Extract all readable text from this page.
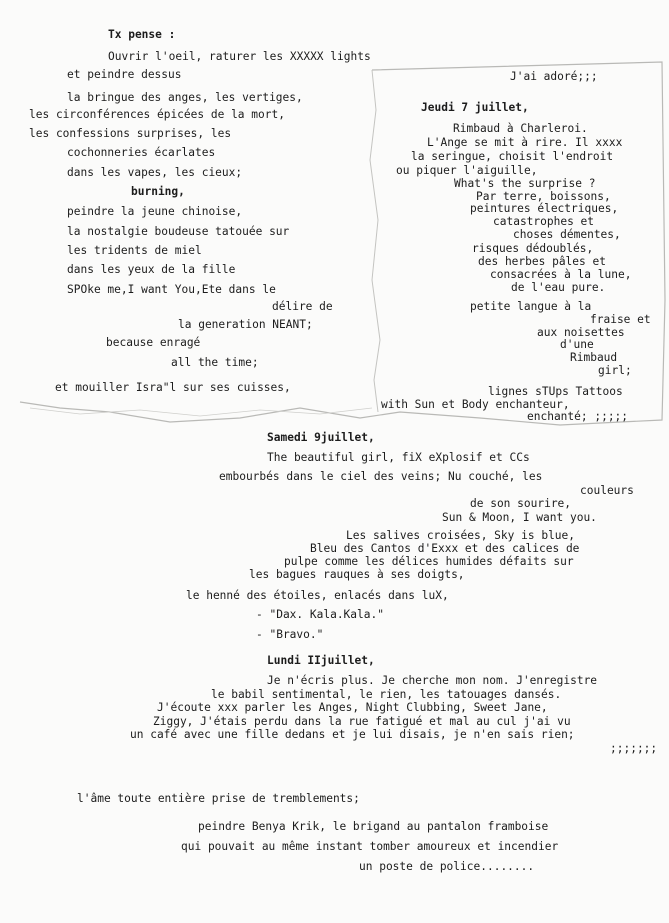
Tx pense :
Ouvrir l'oeil, raturer les XXXXX lights
et peindre dessus
la bringue des anges, les vertiges,
les circonférences épicées de la mort,
les confessions surprises, les
cochonneries écarlates
dans les vapes, les cieux;
burning,
peindre la jeune chinoise,
la nostalgie boudeuse tatouée sur
les tridents de miel
dans les yeux de la fille
SPOke me,I want You,Ete dans le
délire de
la generation NEANT;
because enragé
all the time;
et mouiller Isra"l sur ses cuisses,
J'ai adoré;;;
Jeudi 7 juillet,
Rimbaud à Charleroi.
L'Ange se mit à rire. Il xxxx
la seringue, choisit l'endroit
ou piquer l'aiguille,
What's the surprise ?
Par terre, boissons,
peintures électriques,
catastrophes et
choses démentes,
risques dédoublés,
des herbes pâles et
consacrées à la lune,
de l'eau pure.
petite langue à la
fraise et
aux noisettes
d'une
Rimbaud
girl;
lignes sTUps Tattoos
with Sun et Body enchanteur,
enchanté; ;;;;;
Samedi 9juillet,
The beautiful girl, fiX eXplosif et CCs
embourbés dans le ciel des veins; Nu couché, les
couleurs
de son sourire,
Sun & Moon, I want you.
Les salives croisées, Sky is blue,
Bleu des Cantos d'Exxx et des calices de
pulpe comme les délices humides défaits sur
les bagues rauques à ses doigts,
le henné des étoiles, enlacés dans luX,
- "Dax. Kala.Kala."
- "Bravo."
Lundi IIjuillet,
Je n'écris plus. Je cherche mon nom. J'enregistre
le babil sentimental, le rien, les tatouages dansés.
J'écoute xxx parler les Anges, Night Clubbing, Sweet Jane,
Ziggy, J'étais perdu dans la rue fatigué et mal au cul j'ai vu
un café avec une fille dedans et je lui disais, je n'en sais rien;
;;;;;;;
l'âme toute entière prise de tremblements;
peindre Benya Krik, le brigand au pantalon framboise
qui pouvait au même instant tomber amoureux et incendier
un poste de police........
